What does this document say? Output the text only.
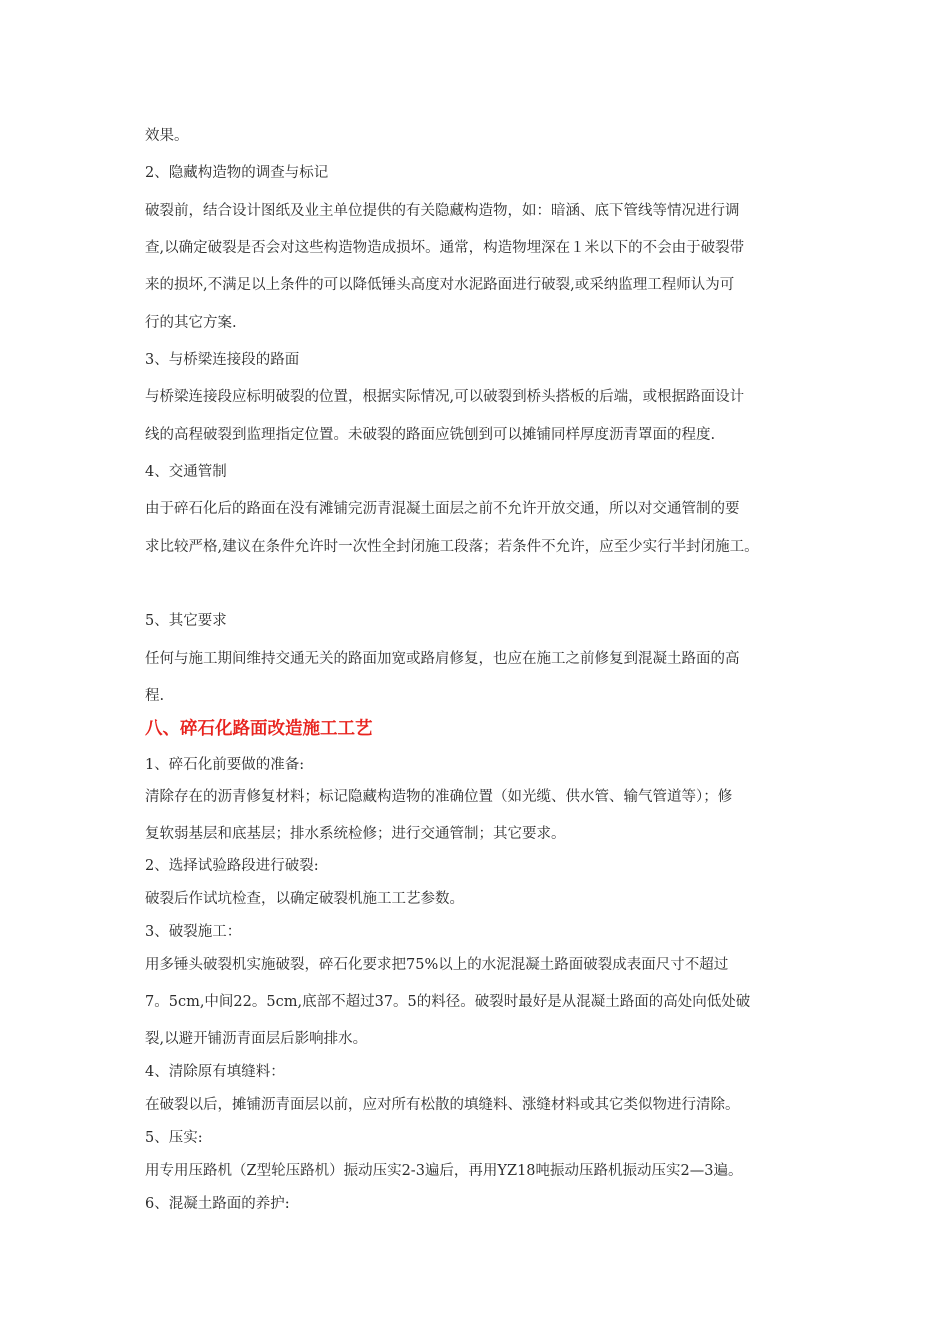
效果。
2、隐藏构造物的调查与标记
破裂前，结合设计图纸及业主单位提供的有关隐藏构造物，如：暗涵、底下管线等情况进行调
查,以确定破裂是否会对这些构造物造成损坏。通常，构造物埋深在１米以下的不会由于破裂带
来的损坏,不满足以上条件的可以降低锤头高度对水泥路面进行破裂,或采纳监理工程师认为可
行的其它方案.
3、与桥梁连接段的路面
与桥梁连接段应标明破裂的位置，根据实际情况,可以破裂到桥头搭板的后端，或根据路面设计
线的高程破裂到监理指定位置。未破裂的路面应铣刨到可以摊铺同样厚度沥青罩面的程度.
4、交通管制
由于碎石化后的路面在没有滩铺完沥青混凝土面层之前不允许开放交通，所以对交通管制的要
求比较严格,建议在条件允许时一次性全封闭施工段落；若条件不允许，应至少实行半封闭施工。
5、其它要求
任何与施工期间维持交通无关的路面加宽或路肩修复，也应在施工之前修复到混凝土路面的高
程.
八、碎石化路面改造施工工艺
1、碎石化前要做的准备:
清除存在的沥青修复材料；标记隐藏构造物的准确位置（如光缆、供水管、输气管道等）；修
复软弱基层和底基层；排水系统检修；进行交通管制；其它要求。
2、选择试验路段进行破裂:
破裂后作试坑检查，以确定破裂机施工工艺参数。
3、破裂施工：
用多锤头破裂机实施破裂，碎石化要求把75%以上的水泥混凝土路面破裂成表面尺寸不超过
7。5cm,中间22。5cm,底部不超过37。5的料径。破裂时最好是从混凝土路面的高处向低处破
裂,以避开铺沥青面层后影响排水。
4、清除原有填缝料：
在破裂以后，摊铺沥青面层以前，应对所有松散的填缝料、涨缝材料或其它类似物进行清除。
5、压实:
用专用压路机（Z型轮压路机）振动压实2-3遍后，再用YZ18吨振动压路机振动压实2—3遍。
6、混凝土路面的养护:
